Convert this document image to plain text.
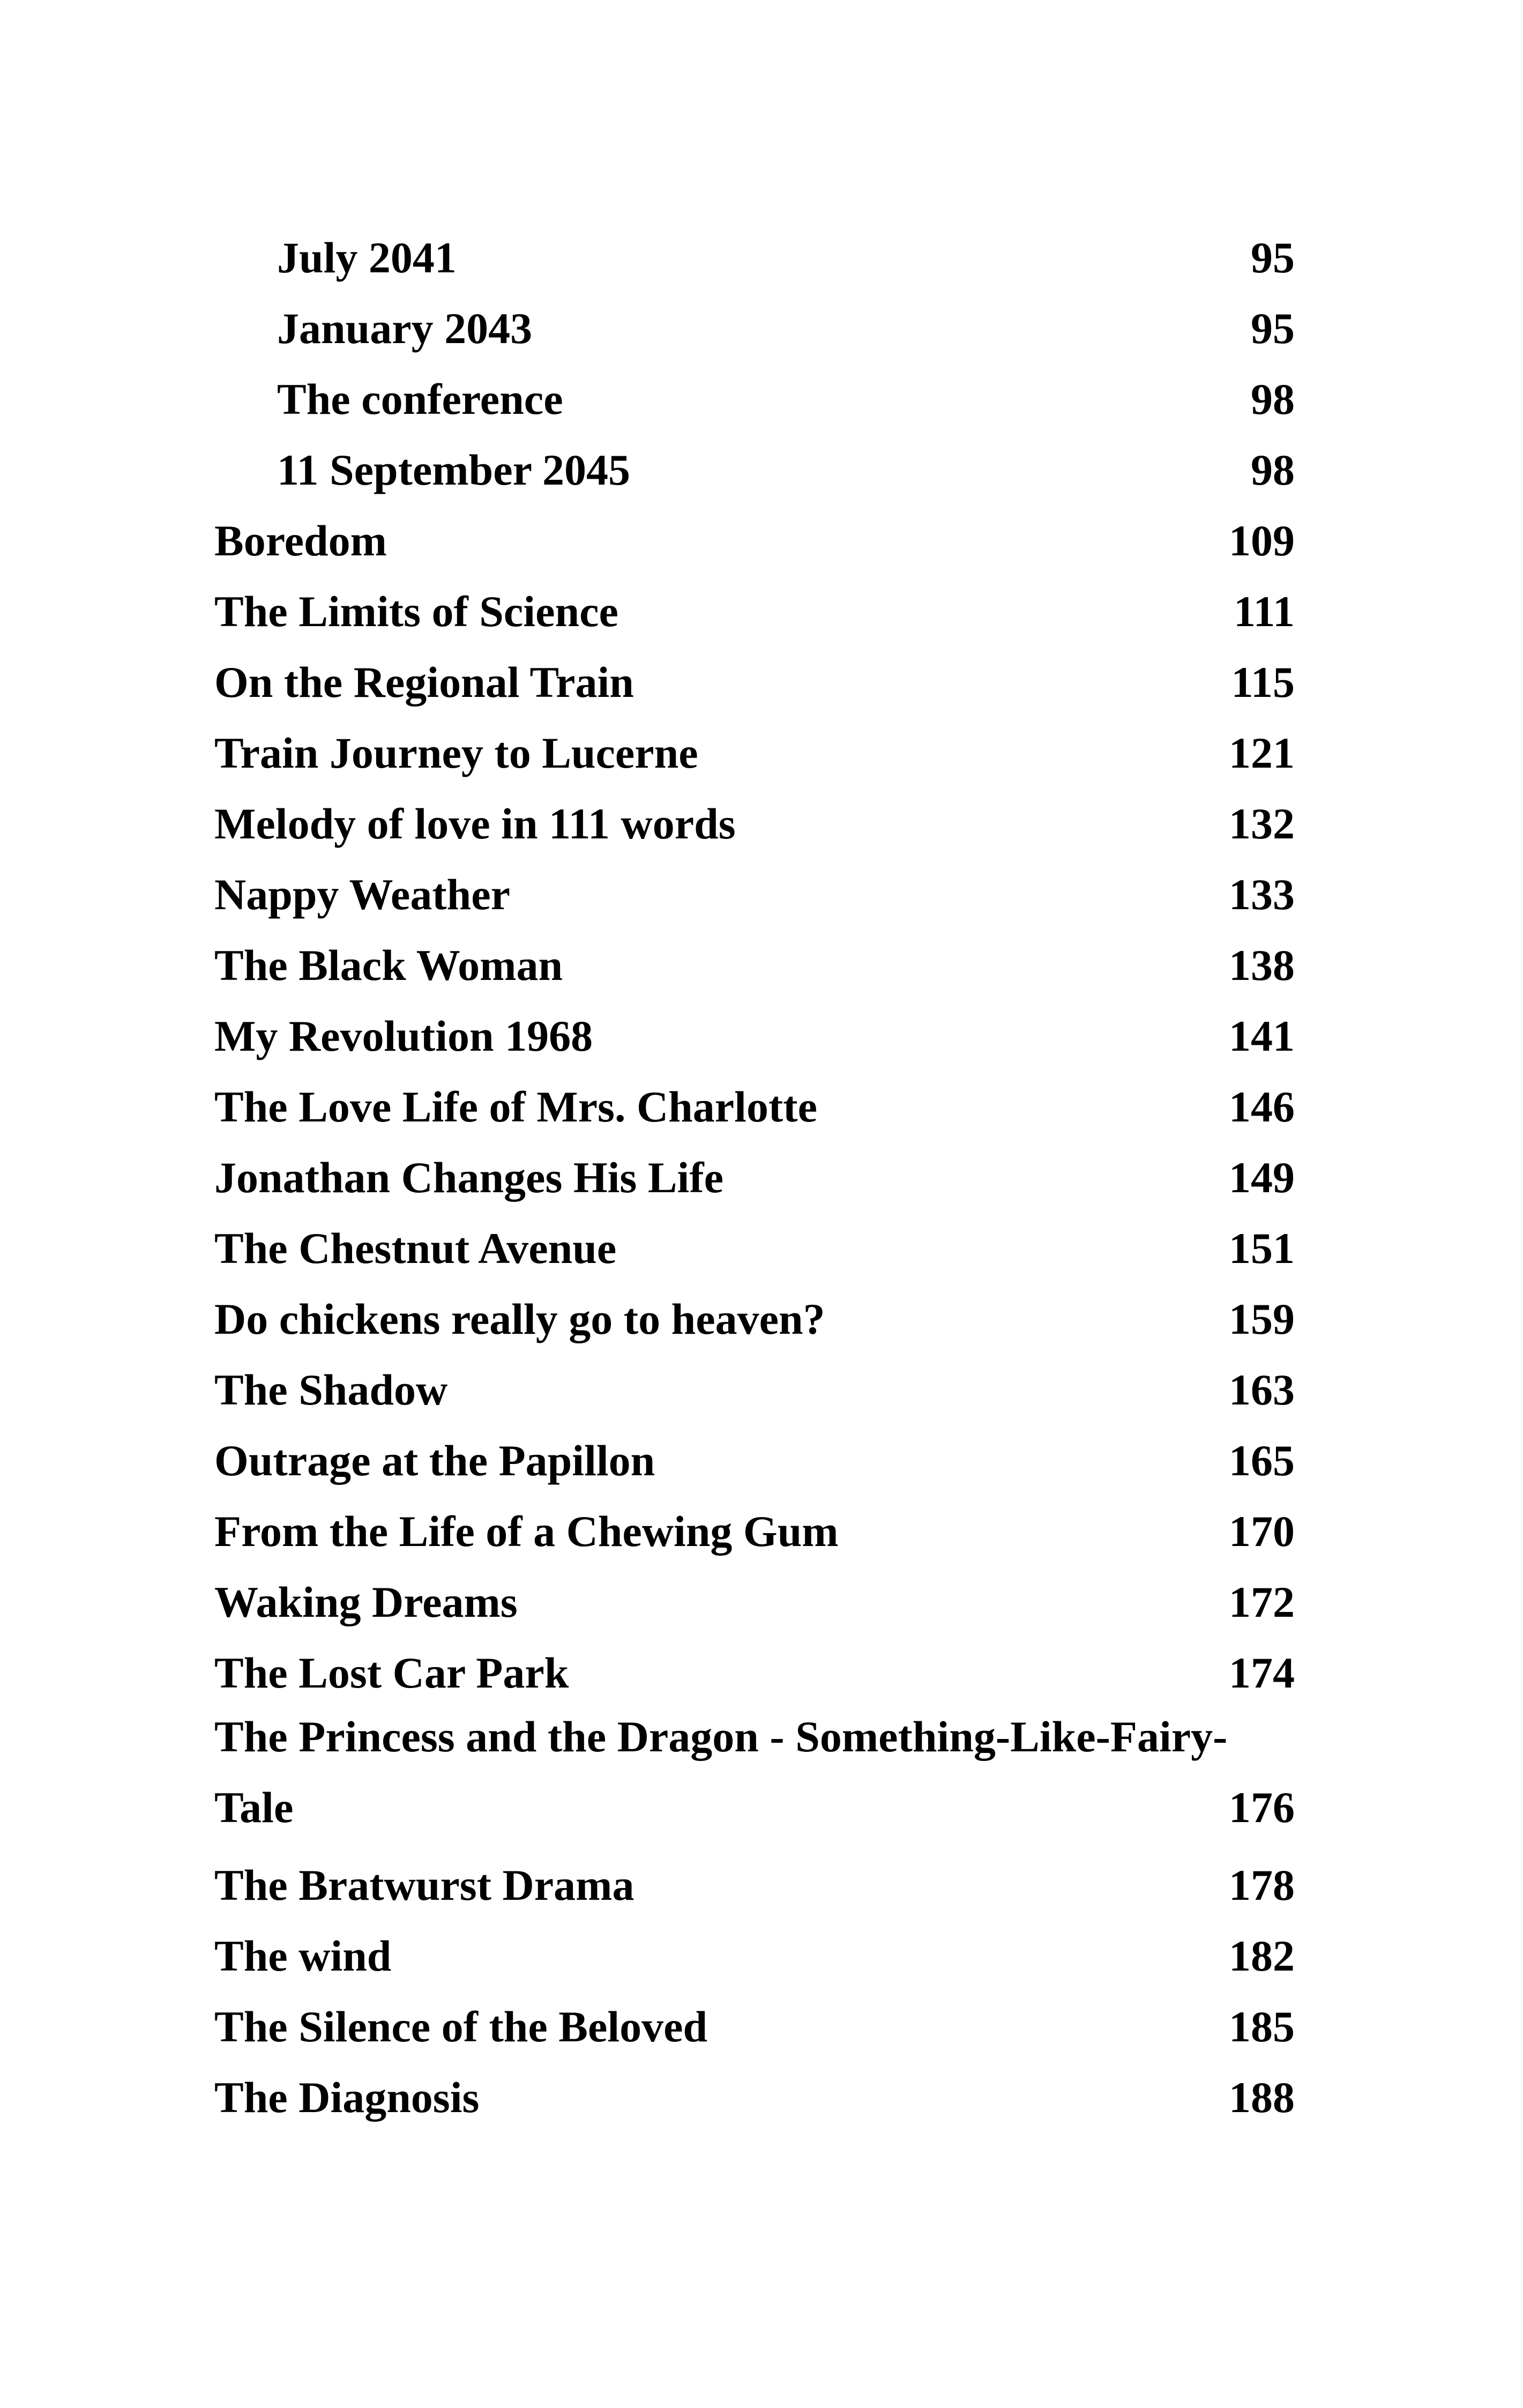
July 2041	95
January 2043	95
The conference	98
11 September 2045	98
Boredom	109
The Limits of Science	111
On the Regional Train	115
Train Journey to Lucerne	121
Melody of love in 111 words	132
Nappy Weather	133
The Black Woman	138
My Revolution 1968	141
The Love Life of Mrs. Charlotte	146
Jonathan Changes His Life	149
The Chestnut Avenue	151
Do chickens really go to heaven?	159
The Shadow	163
Outrage at the Papillon	165
From the Life of a Chewing Gum	170
Waking Dreams	172
The Lost Car Park	174
The Princess and the Dragon - Something-Like-Fairy-
Tale	176
The Bratwurst Drama	178
The wind	182
The Silence of the Beloved	185
The Diagnosis	188
